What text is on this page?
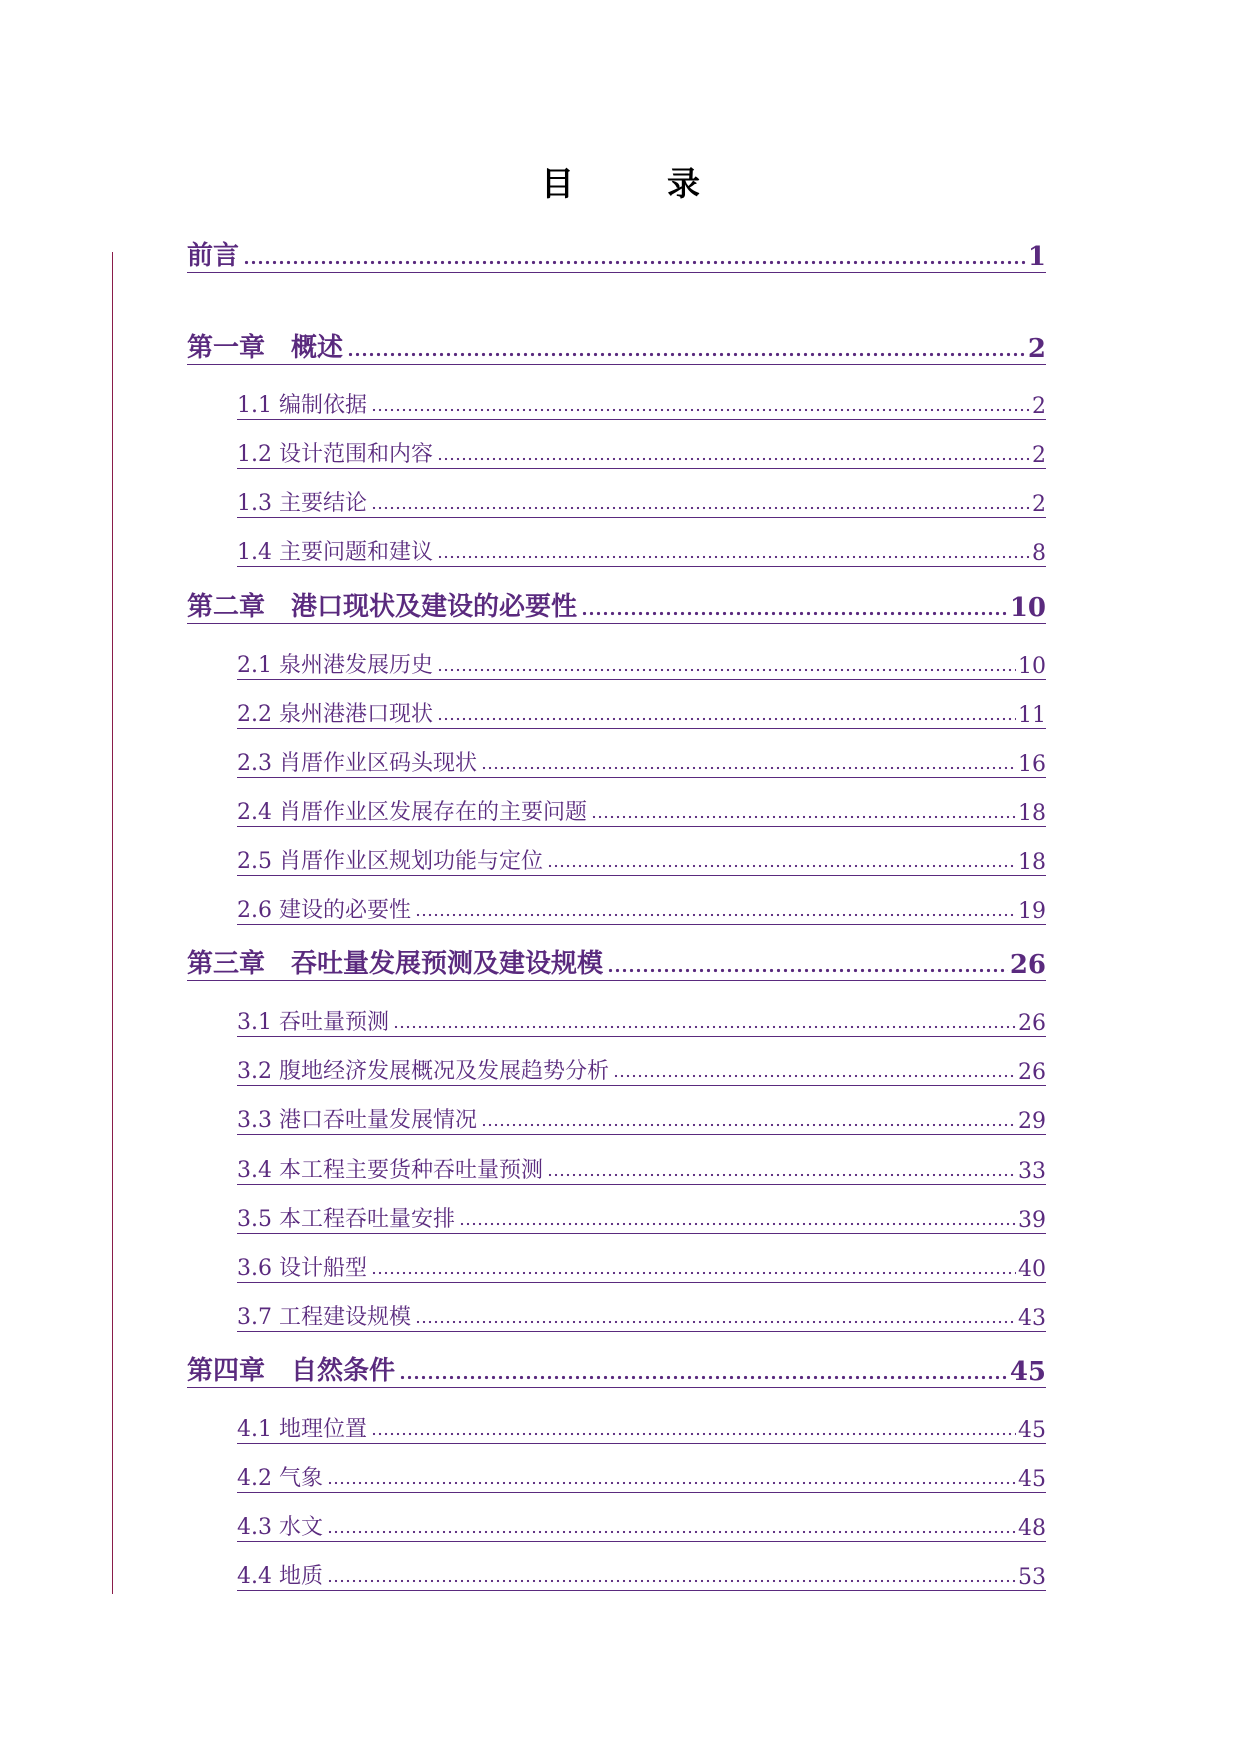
目　录
前言	1
第一章　概述	2
1.1 编制依据	2
1.2 设计范围和内容	2
1.3 主要结论	2
1.4 主要问题和建议	8
第二章　港口现状及建设的必要性	10
2.1 泉州港发展历史	10
2.2 泉州港港口现状	11
2.3 肖厝作业区码头现状	16
2.4 肖厝作业区发展存在的主要问题	18
2.5 肖厝作业区规划功能与定位	18
2.6 建设的必要性	19
第三章　吞吐量发展预测及建设规模	26
3.1 吞吐量预测	26
3.2 腹地经济发展概况及发展趋势分析	26
3.3 港口吞吐量发展情况	29
3.4 本工程主要货种吞吐量预测	33
3.5 本工程吞吐量安排	39
3.6 设计船型	40
3.7 工程建设规模	43
第四章　自然条件	45
4.1 地理位置	45
4.2 气象	45
4.3 水文	48
4.4 地质	53
